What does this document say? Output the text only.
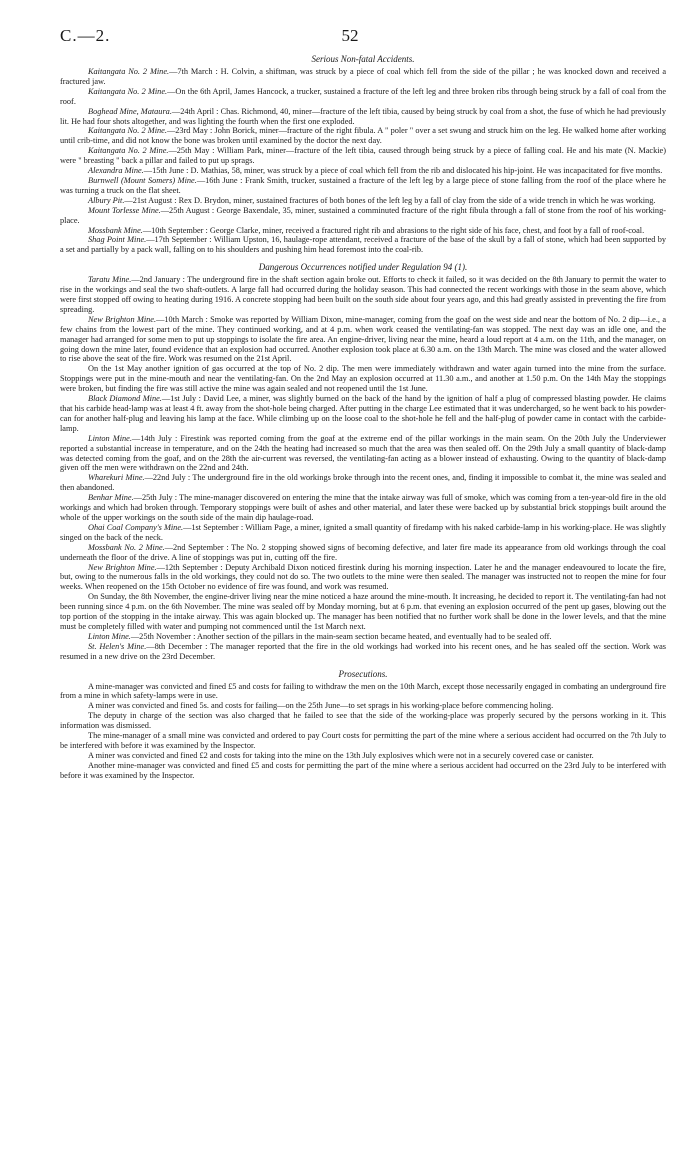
C.—2.	52
Serious Non-fatal Accidents.

Kaitangata No. 2 Mine.—7th March : H. Colvin, a shiftman, was struck by a piece of coal which fell from the side of the pillar ; he was knocked down and received a fractured jaw.

Kaitangata No. 2 Mine.—On the 6th April, James Hancock, a trucker, sustained a fracture of the left leg and three broken ribs through being struck by a fall of coal from the roof.

Boghead Mine, Mataura.—24th April : Chas. Richmond, 40, miner—fracture of the left tibia, caused by being struck by coal from a shot, the fuse of which he had previously lit. He had four shots altogether, and was lighting the fourth when the first one exploded.

Kaitangata No. 2 Mine.—23rd May : John Borick, miner—fracture of the right fibula. A " poler " over a set swung and struck him on the leg. He walked home after working until crib-time, and did not know the bone was broken until examined by the doctor the next day.

Kaitangata No. 2 Mine.—25th May : William Park, miner—fracture of the left tibia, caused through being struck by a piece of falling coal. He and his mate (N. Mackie) were " breasting " back a pillar and failed to put up sprags.

Alexandra Mine.—15th June : D. Mathias, 58, miner, was struck by a piece of coal which fell from the rib and dislocated his hip-joint. He was incapacitated for five months.

Burnwell (Mount Somers) Mine.—16th June : Frank Smith, trucker, sustained a fracture of the left leg by a large piece of stone falling from the roof of the place where he was turning a truck on the flat sheet.

Albury Pit.—21st August : Rex D. Brydon, miner, sustained fractures of both bones of the left leg by a fall of clay from the side of a wide trench in which he was working.

Mount Torlesse Mine.—25th August : George Baxendale, 35, miner, sustained a comminuted fracture of the right fibula through a fall of stone from the roof of his working-place.

Mossbank Mine.—10th September : George Clarke, miner, received a fractured right rib and abrasions to the right side of his face, chest, and foot by a fall of roof-coal.

Shag Point Mine.—17th September : William Upston, 16, haulage-rope attendant, received a fracture of the base of the skull by a fall of stone, which had been supported by a set and partially by a pack wall, falling on to his shoulders and pushing him head foremost into the coal-rib.

Dangerous Occurrences notified under Regulation 94 (1).

Taratu Mine.—2nd January : The underground fire in the shaft section again broke out. Efforts to check it failed, so it was decided on the 8th January to permit the water to rise in the workings and seal the two shaft-outlets. A large fall had occurred during the holiday season. This had connected the recent workings with those in the seam above, which were first stopped off owing to heating during 1916. A concrete stopping had been built on the south side about four years ago, and this had greatly assisted in preventing the fire from spreading.

New Brighton Mine.—10th March : Smoke was reported by William Dixon, mine-manager, coming from the goaf on the west side and near the bottom of No. 2 dip—i.e., a few chains from the lowest part of the mine. They continued working, and at 4 p.m. when work ceased the ventilating-fan was stopped. The next day was an idle one, and the manager had arranged for some men to put up stoppings to isolate the fire area. An engine-driver, living near the mine, heard a loud report at 4 a.m. on the 11th, and the manager, on going down the mine later, found evidence that an explosion had occurred. Another explosion took place at 6.30 a.m. on the 13th March. The mine was closed and the water allowed to rise above the seat of the fire. Work was resumed on the 21st April.

On the 1st May another ignition of gas occurred at the top of No. 2 dip. The men were immediately withdrawn and water again turned into the mine from the surface. Stoppings were put in the mine-mouth and near the ventilating-fan. On the 2nd May an explosion occurred at 11.30 a.m., and another at 1.50 p.m. On the 14th May the stoppings were broken, but finding the fire was still active the mine was again sealed and not reopened until the 1st June.

Black Diamond Mine.—1st July : David Lee, a miner, was slightly burned on the back of the hand by the ignition of half a plug of compressed blasting powder. He claims that his carbide head-lamp was at least 4 ft. away from the shot-hole being charged. After putting in the charge Lee estimated that it was undercharged, so he went back to his powder-can for another half-plug and leaving his lamp at the face. While climbing up on the loose coal to the shot-hole he fell and the half-plug of powder came in contact with the carbide-lamp.

Linton Mine.—14th July : Firestink was reported coming from the goaf at the extreme end of the pillar workings in the main seam. On the 20th July the Underviewer reported a substantial increase in temperature, and on the 24th the heating had increased so much that the area was then sealed off. On the 29th July a small quantity of black-damp was detected coming from the goaf, and on the 28th the air-current was reversed, the ventilating-fan acting as a blower instead of exhausting. Owing to the quantity of black-damp given off the men were withdrawn on the 22nd and 24th.

Wharekuri Mine.—22nd July : The underground fire in the old workings broke through into the recent ones, and, finding it impossible to combat it, the mine was sealed and then abandoned.

Benhar Mine.—25th July : The mine-manager discovered on entering the mine that the intake airway was full of smoke, which was coming from a ten-year-old fire in the old workings and which had broken through. Temporary stoppings were built of ashes and other material, and later these were backed up by substantial brick stoppings built around the whole of the upper workings on the south side of the main dip haulage-road.

Ohai Coal Company's Mine.—1st September : William Page, a miner, ignited a small quantity of firedamp with his naked carbide-lamp in his working-place. He was slightly singed on the back of the neck.

Mossbank No. 2 Mine.—2nd September : The No. 2 stopping showed signs of becoming defective, and later fire made its appearance from old workings through the coal underneath the floor of the drive. A line of stoppings was put in, cutting off the fire.

New Brighton Mine.—12th September : Deputy Archibald Dixon noticed firestink during his morning inspection. Later he and the manager endeavoured to locate the fire, but, owing to the numerous falls in the old workings, they could not do so. The two outlets to the mine were then sealed. The manager was instructed not to reopen the mine for four weeks. When reopened on the 15th October no evidence of fire was found, and work was resumed.

On Sunday, the 8th November, the engine-driver living near the mine noticed a haze around the mine-mouth. It increasing, he decided to report it. The ventilating-fan had not been running since 4 p.m. on the 6th November. The mine was sealed off by Monday morning, but at 6 p.m. that evening an explosion occurred of the pent up gases, blowing out the top portion of the stopping in the intake airway. This was again blocked up. The manager has been notified that no further work shall be done in the lower levels, and that the mine must be completely filled with water and pumping not commenced until the 1st March next.

Linton Mine.—25th November : Another section of the pillars in the main-seam section became heated, and eventually had to be sealed off.

St. Helen's Mine.—8th December : The manager reported that the fire in the old workings had worked into his recent ones, and he has sealed off the section. Work was resumed in a new drive on the 23rd December.

Prosecutions.

A mine-manager was convicted and fined £5 and costs for failing to withdraw the men on the 10th March, except those necessarily engaged in combating an underground fire from a mine in which safety-lamps were in use.

A miner was convicted and fined 5s. and costs for failing—on the 25th June—to set sprags in his working-place before commencing holing.

The deputy in charge of the section was also charged that he failed to see that the side of the working-place was properly secured by the persons working in it. This information was dismissed.

The mine-manager of a small mine was convicted and ordered to pay Court costs for permitting the part of the mine where a serious accident had occurred on the 7th July to be interfered with before it was examined by the Inspector.

A miner was convicted and fined £2 and costs for taking into the mine on the 13th July explosives which were not in a securely covered case or canister.

Another mine-manager was convicted and fined £5 and costs for permitting the part of the mine where a serious accident had occurred on the 23rd July to be interfered with before it was examined by the Inspector.
